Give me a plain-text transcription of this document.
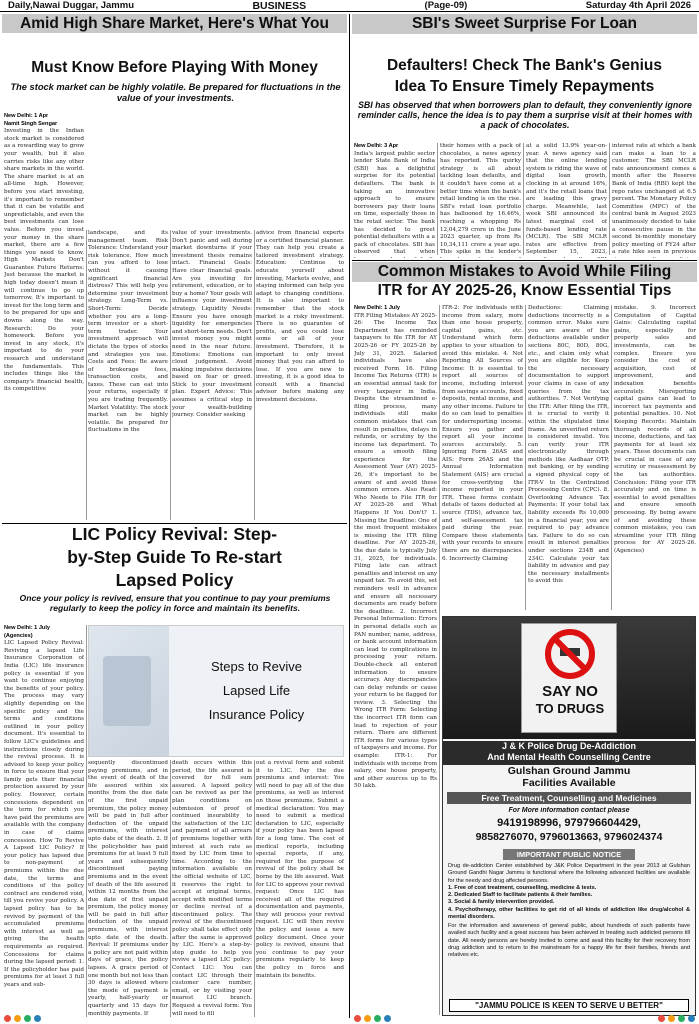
Daily,Nawai Duggar, Jammu	BUSINESS	(Page-09)	Saturday 4th April 2026
Amid High Share Market, Here's What You
Must Know Before Playing With Money
The stock market can be highly volatile. Be prepared for fluctuations in the value of your investments.
New Delhi: 1 Apr
Namit Singh Sengar

Investing in the Indian stock market is considered as a rewarding way to grow your wealth, but it also carries risks like any other share markets in the world. The share market is at an all-time high. However, before you start investing, it's important to remember that it can be volatile and unpredictable, and even the best investments can lose value. Before you invest your money in the share market, there are a few things you need to know. High Markets Don't Guarantee Future Returns: Just because the market is high today doesn't mean it will continue to go up tomorrow. It's important to invest for the long term and to be prepared for ups and downs along the way. Research: Do your homework. Before you invest in any stock, it's important to do your research and understand the fundamentals. This includes things like the company's financial health, its competitive

landscape, and its management team. Risk Tolerance: Understand your risk tolerance. How much can you afford to lose without it causing significant financial distress? This will help you determine your investment strategy. Long-Term vs. Short-Term: Decide whether you are a long-term investor or a short-term trader. Your investment approach will dictate the types of stocks and strategies you use. Costs and Fees: Be aware of brokerage fees, transaction costs, and taxes. These can eat into your returns, especially if you are trading frequently. Market Volatility: The stock market can be highly volatile. Be prepared for fluctuations in the

value of your investments. Don't panic and sell during market downturns if your investment thesis remains intact. Financial Goals: Have clear financial goals. Are you investing for retirement, education, or to buy a home? Your goals will influence your investment strategy. Liquidity Needs: Ensure you have enough liquidity for emergencies and short-term needs. Don't invest money you might need in the near future. Emotions: Emotions can cloud judgement. Avoid making impulsive decisions based on fear or greed. Stick to your investment plan. Expert Advice: This assumes a critical step in your wealth-building journey. Consider seeking

advice from financial experts or a certified financial planner. They can help you create a tailored investment strategy. Education: Continue to educate yourself about investing, Markets evolve, and staying informed can help you adapt to changing conditions. It is also important to remember that the stock market is a risky investment. There is no guarantee of profits, and you could lose some or all of your investment. Therefore, it is important to only invest money that you can afford to lose. If you are new to investing, it is a good idea to consult with a financial advisor before making any investment decisions.

SBI's Sweet Surprise For Loan
Defaulters! Check The Bank's Genius
Idea To Ensure Timely Repayments
SBI has observed that when borrowers plan to default, they conveniently ignore reminder calls, hence the idea is to pay them a surprise visit at their homes with a pack of chocolates.
New Delhi: 3 Apr

India's largest public sector lender State Bank of India (SBI) has a delightful surprise for its potential defaulters. The bank is taking an innovative approach to ensure borrowers pay their loans on time, especially those in the retail sector. The bank has decided to greet potential defaulters with a a pack of chocolates. SBI has observed that when

their homes with a pack of chocolates, a news agency has reported. This quirky strategy is all about tackling loan defaults, and it couldn't have come at a better time when the bank's retail lending is on the rise. SBI's retail loan portfolio has ballooned by 16.46%, reaching a whopping Rs 12,04,279 crore in the June 2023 quarter, up from Rs 10,34,111 crore a year ago. This spike in the lender's

at a solid 13.9% year-on-year. A news agency said that the online lending system is riding the wave of digital loan growth, clocking in at around 16%, and it's the retail loans that are leading this gravy charge. Meanwhile, last week SBI announced its latest marginal cost of funds-based lending rate (MCLR). The SBI MCLR rates are effective from September 15, 2023,

interest rate at which a bank can make a loan to a customer. The SBI MCLR rate announcement comes a month after the Reserve Bank of India (RBI) kept the repo rates unchanged at 6.5 percent. The Monetary Policy Committee (MPC) of the central bank in August 2023 unanimously decided to take a consecutive pause in the second bi-monthly monetary policy meeting of FY24 after a rate hike seen in previous

Common Mistakes to Avoid While Filing
ITR for AY 2025-26, Know Essential Tips
New Delhi: 1 July

ITR Filing Mistakes AY 2025-26: The Income Tax Department has reminded taxpayers to file ITR for AY 2025-26 or FY 2025-26 by July 31, 2025. Salaried individuals have also received Form 16. Filing Income Tax Returns (ITR) is an essential annual task for every taxpayer in India. Despite the streamlined e-filing process, many individuals still make common mistakes that can result in penalties, delays in refunds, or scrutiny by the income tax department. To ensure a smooth filing experience for the Assessment Year (AY) 2025-26, it's important to be aware of and avoid these common errors. Also Read: Who Needs to File ITR for AY 2025-26 and What Happens If You Don't? 1. Missing the Deadline: One of the most frequent mistakes is missing the ITR filing deadline. For AY 2025-26, the due date is typically July 31, 2025, for individuals. Filing late can attract penalties and interest on any unpaid tax. To avoid this, set reminders well in advance and ensure all necessary documents are ready before the deadline. 2. Incorrect Personal Information: Errors in personal details such as PAN number, name, address, or bank account information can lead to complications in processing your return. Double-check all entered information to ensure accuracy. Any discrepancies can delay refunds or cause your return to be flagged for review. 3. Selecting the Wrong ITR Form: Selecting the incorrect ITR form can lead to rejection of your return. There are different ITR forms for various types of taxpayers and income. For example: ITR-1: For individuals with income from salary, one house property, and other sources up to Rs 50 lakh.

ITR-2: For individuals with income from salary, more than one house property, capital gains, etc. Understand which form applies to your situation to avoid this mistake. 4. Not Reporting All Sources of Income: It is essential to report all sources of income, including interest from savings accounts, fixed deposits, rental income, and any other income. Failure to do so can lead to penalties for underreporting income. Ensure you gather and report all your income sources accurately. 5. Ignoring Form 26AS and AIS: Form 26AS and the Annual Information Statement (AIS) are crucial for cross-verifying the income reported in your ITR. These forms contain details of taxes deducted at source (TDS), advance tax, and self-assessment tax paid during the year. Compare these statements with your records to ensure there are no discrepancies. 6. Incorrectly Claiming

Deductions: Claiming deductions incorrectly is a common error. Make sure you are aware of the deductions available under sections 80C, 80D, 80G, etc., and claim only what you are eligible for. Keep the necessary documentation to support your claims in case of any queries from the tax authorities. 7. Not Verifying the ITR: After filing the ITR, it is crucial to verify it within the stipulated time frame. An unverified return is considered invalid. You can verify your ITR electronically through methods like Aadhaar OTP, net banking, or by sending a signed physical copy of ITR-V to the Centralized Processing Centre (CPC). 8. Overlooking Advance Tax Payments: If your total tax liability exceeds Rs 10,000 in a financial year, you are required to pay advance tax. Failure to do so can result in interest penalties under sections 234B and 234C. Calculate your tax liability in advance and pay the necessary installments to avoid this

mistake. 9. Incorrect Computation of Capital Gains: Calculating capital gains, especially for property sales and investments, can be complex. Ensure you consider the cost of acquisition, cost of improvement, and indexation benefits accurately. Misreporting capital gains can lead to incorrect tax payments and potential penalties. 10. Not Keeping Records: Maintain thorough records of all income, deductions, and tax payments for at least six years. These documents can be crucial in case of any scrutiny or reassessment by the tax authorities. Conclusion: Filing your ITR accurately and on time is essential to avoid penalties and ensure smooth processing. By being aware of and avoiding these common mistakes, you can streamline your ITR filing process for AY 2025-26. (Agencies)

SAY NO
TO DRUGS
J & K Police Drug De-Addiction
And Mental Health Counselling Centre
Gulshan Ground Jammu
Facilities Available
Free Treatment, Counselling and Medicines
For More information contact please
9419198996, 979796604429,
9858276070, 9796013663, 9796024374
IMPORTANT PUBLIC NOTICE

Drug de-addiction Center established by J&K Police Department in the year 2013 at Gulshan Ground Gandhi Nagar Jammu is functional where the following advanced facilities are available for the needy and drug affected persons.

1. Free of cost treatment, counselling, medicine & tests.

2. Dedicated Staff to facilitate patients & their families.

3. Social & family intervention provided.

4. Psychotherapy, other facilities to get rid of all kinds of addiction like drug/alcohol & mental disorders.

For the information and awareness of general public, about hundreds of such patients have availed such facility and a great success has been achieved in treating such addicted persons till date. All needy persons are hereby invited to come and avail this facility for their recovery from drug addiction and to return to the mainstream for a happy life for their families, friends and relatives etc.

"JAMMU POLICE IS KEEN TO SERVE U BETTER"
LIC Policy Revival: Step-
by-Step Guide To Re-start
Lapsed Policy
Once your policy is revived, ensure that you continue to pay your premiums regularly to keep the policy in force and maintain its benefits.
New Delhi: 1 July
(Agencies)

LIC Lapsed Policy Revival: Reviving a lapsed Life Insurance Corporation of India (LIC) life insurance policy is essential if you want to continue enjoying the benefits of your policy. The process may vary slightly depending on the specific policy and the terms and conditions outlined in your policy document. It's essential to follow LIC's guidelines and instructions closely during the revival process. It is advised to keep your policy in force to ensure that your family gets their financial protection assured by your policy. However, certain concessions dependent on the term for which you have paid the premiums are available with the company in case of claims concession. How To Revive A Lapsed LIC Policy? If your policy has lapsed due to non-payment of premiums within the due date, the terms and conditions of the policy contract are rendered void, till you revive your policy. A lapsed policy has to be revived by payment of the accumulated premiums with interest as well as giving the health requirements as required. Concessions for claims during the lapsed period: 1. If the policyholder has paid premiums for at least 3 full years and sub-

Steps to Revive
Lapsed Life
Insurance Policy

sequently discontinued paying premiums, and in the event of death of the life assured within six months from the due date of the first unpaid premium, the policy money will be paid in full after deduction of the unpaid premiums, with interest upto date of the death. 2. If the policyholder has paid premiums for at least 5 full years and subsequently discontinued paying premiums and in the event of death of the life assured within 12 months from the due date of first unpaid premium, the policy money will be paid in full after deduction of the unpaid premiums, with interest upto date of the death. Revival: If premiums under a policy are not paid within days of grace, the policy lapses. A grace period of one month but not less than 30 days is allowed where the mode of payment is yearly, half-yearly or quarterly and 15 days for monthly payments. If

death occurs within this period, the life assured is covered for full sum assured. A lapsed policy can be revived as per the plan conditions on submission of proof of continued insurability to the satisfaction of the LIC and payment of all arrears of premiums together with interest at such rate as fixed by LIC from time to time. According to the information available on the official website of LIC, it reserves the right to accept at original terms, accept with modified terms or decline revival of a discontinued policy. The revival of the discontinued policy shall take effect only after the same is approved by LIC. Here's a step-by-step guide to help you revive a lapsed LIC policy: Contact LIC: You can contact LIC through their customer care number, email, or by visiting your nearest LIC branch. Request a revival form: You will need to fill

out a revival form and submit it to LIC. Pay the due premiums and interest: You will need to pay all of the due premiums, as well as interest on those premiums. Submit a medical declaration: You may need to submit a medical declaration to LIC, especially if your policy has been lapsed for a long time. The cost of medical reports, including special reports, if any, required for the purpose of revival of the policy shall be borne by the life assured. Wait for LIC to approve your revival request: Once LIC has received all of the required documentation and payments, they will process your revival request. LIC will then revive the policy and issue a new policy document. Once your policy is revived, ensure that you continue to pay your premiums regularly to keep the policy in force and maintain its benefits.
